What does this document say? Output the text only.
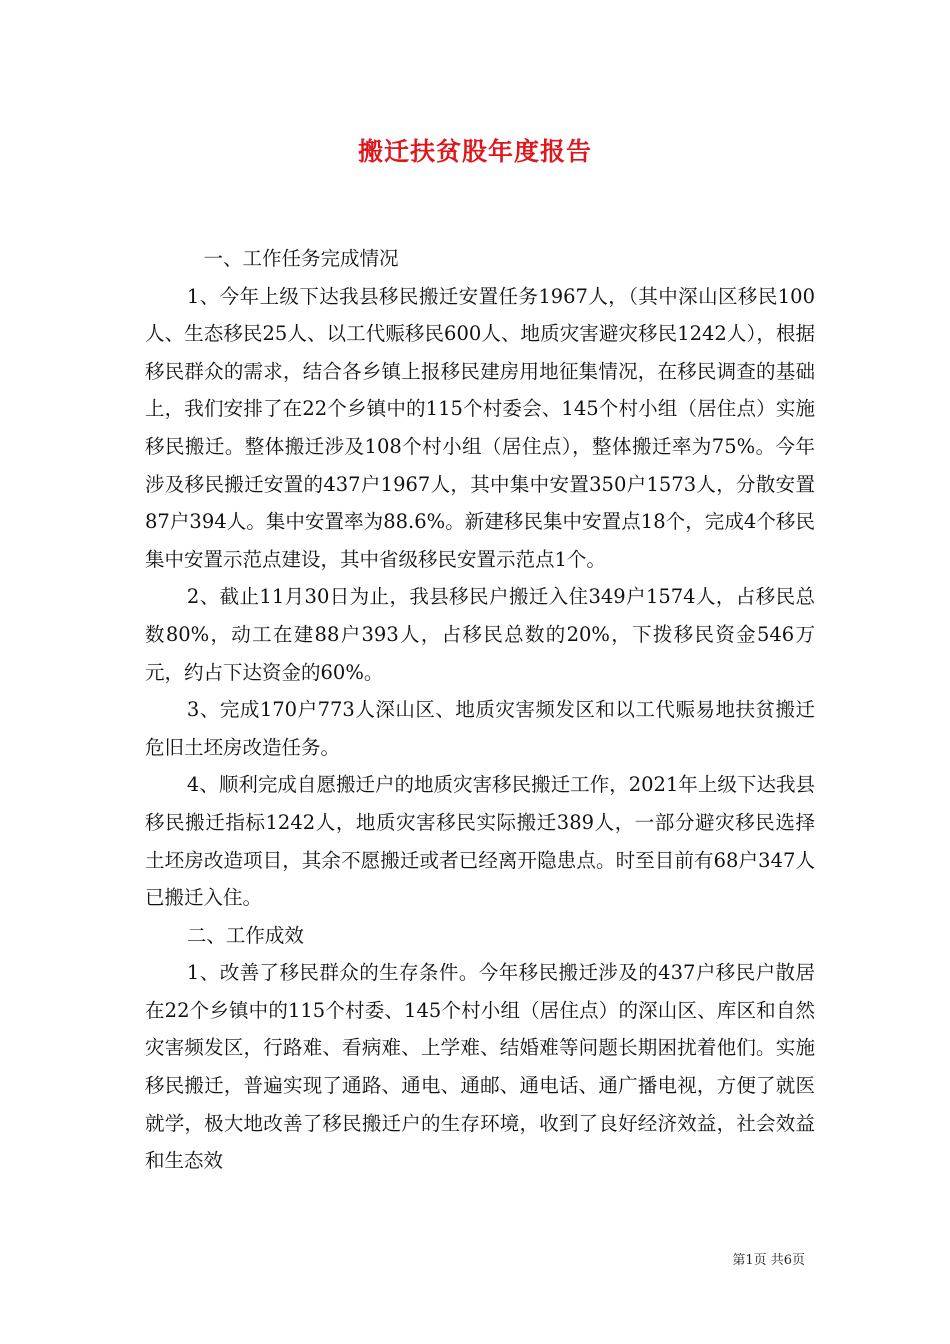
搬迁扶贫股年度报告

一、工作任务完成情况

1、今年上级下达我县移民搬迁安置任务1967人，（其中深山区移民100人、生态移民25人、以工代赈移民600人、地质灾害避灾移民1242人），根据移民群众的需求，结合各乡镇上报移民建房用地征集情况，在移民调查的基础上，我们安排了在22个乡镇中的115个村委会、145个村小组（居住点）实施移民搬迁。整体搬迁涉及108个村小组（居住点），整体搬迁率为75%。今年涉及移民搬迁安置的437户1967人，其中集中安置350户1573人，分散安置87户394人。集中安置率为88.6%。新建移民集中安置点18个，完成4个移民集中安置示范点建设，其中省级移民安置示范点1个。

2、截止11月30日为止，我县移民户搬迁入住349户1574人，占移民总数80%，动工在建88户393人，占移民总数的20%，下拨移民资金546万元，约占下达资金的60%。

3、完成170户773人深山区、地质灾害频发区和以工代赈易地扶贫搬迁危旧土坯房改造任务。

4、顺利完成自愿搬迁户的地质灾害移民搬迁工作，2021年上级下达我县移民搬迁指标1242人，地质灾害移民实际搬迁389人，一部分避灾移民选择土坯房改造项目，其余不愿搬迁或者已经离开隐患点。时至目前有68户347人已搬迁入住。

二、工作成效

1、改善了移民群众的生存条件。今年移民搬迁涉及的437户移民户散居在22个乡镇中的115个村委、145个村小组（居住点）的深山区、库区和自然灾害频发区，行路难、看病难、上学难、结婚难等问题长期困扰着他们。实施移民搬迁，普遍实现了通路、通电、通邮、通电话、通广播电视，方便了就医就学，极大地改善了移民搬迁户的生存环境，收到了良好经济效益，社会效益和生态效

第1页 共6页
